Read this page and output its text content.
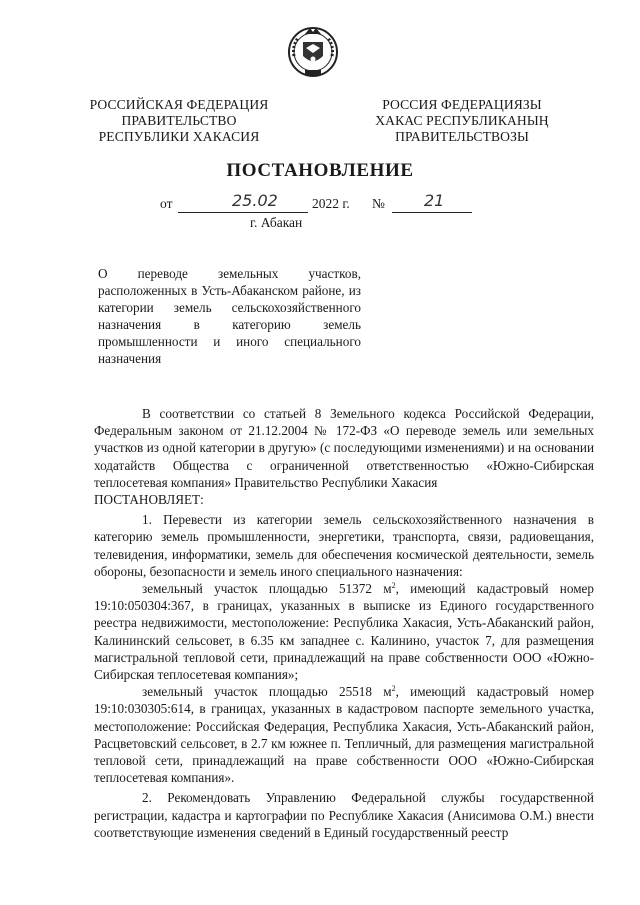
РОССИЙСКАЯ ФЕДЕРАЦИЯ
ПРАВИТЕЛЬСТВО
РЕСПУБЛИКИ ХАКАСИЯ
РОССИЯ ФЕДЕРАЦИЯЗЫ
ХАКАС РЕСПУБЛИКАНЫҢ
ПРАВИТЕЛЬСТВОЗЫ
ПОСТАНОВЛЕНИЕ
от	25.02	2022 г. № 21
г. Абакан
О переводе земельных участков, расположенных в Усть-Абаканском районе, из категории земель сельскохозяйственного назначения в категорию земель промышленности и иного специального назначения

В соответствии со статьей 8 Земельного кодекса Российской Федерации, Федеральным законом от 21.12.2004 № 172-ФЗ «О переводе земель или земельных участков из одной категории в другую» (с последующими изменениями) и на основании ходатайств Общества с ограниченной ответственностью «Южно-Сибирская теплосетевая компания» Правительство Республики Хакасия

ПОСТАНОВЛЯЕТ:

1. Перевести из категории земель сельскохозяйственного назначения в категорию земель промышленности, энергетики, транспорта, связи, радиовещания, телевидения, информатики, земель для обеспечения космической деятельности, земель обороны, безопасности и земель иного специального назначения:

земельный участок площадью 51372 $м^2$, имеющий кадастровый номер 19:10:050304:367, в границах, указанных в выписке из Единого государственного реестра недвижимости, местоположение: Республика Хакасия, Усть-Абаканский район, Калининский сельсовет, в 6.35 км западнее с. Калинино, участок 7, для размещения магистральной тепловой сети, принадлежащий на праве собственности ООО «Южно-Сибирская теплосетевая компания»;

земельный участок площадью 25518 $м^2$, имеющий кадастровый номер 19:10:030305:614, в границах, указанных в кадастровом паспорте земельного участка, местоположение: Российская Федерация, Республика Хакасия, Усть-Абаканский район, Расцветовский сельсовет, в 2.7 км южнее п. Тепличный, для размещения магистральной тепловой сети, принадлежащий на праве собственности ООО «Южно-Сибирская теплосетевая компания».

2. Рекомендовать Управлению Федеральной службы государственной регистрации, кадастра и картографии по Республике Хакасия (Анисимова О.М.) внести соответствующие изменения сведений в Единый государственный реестр
